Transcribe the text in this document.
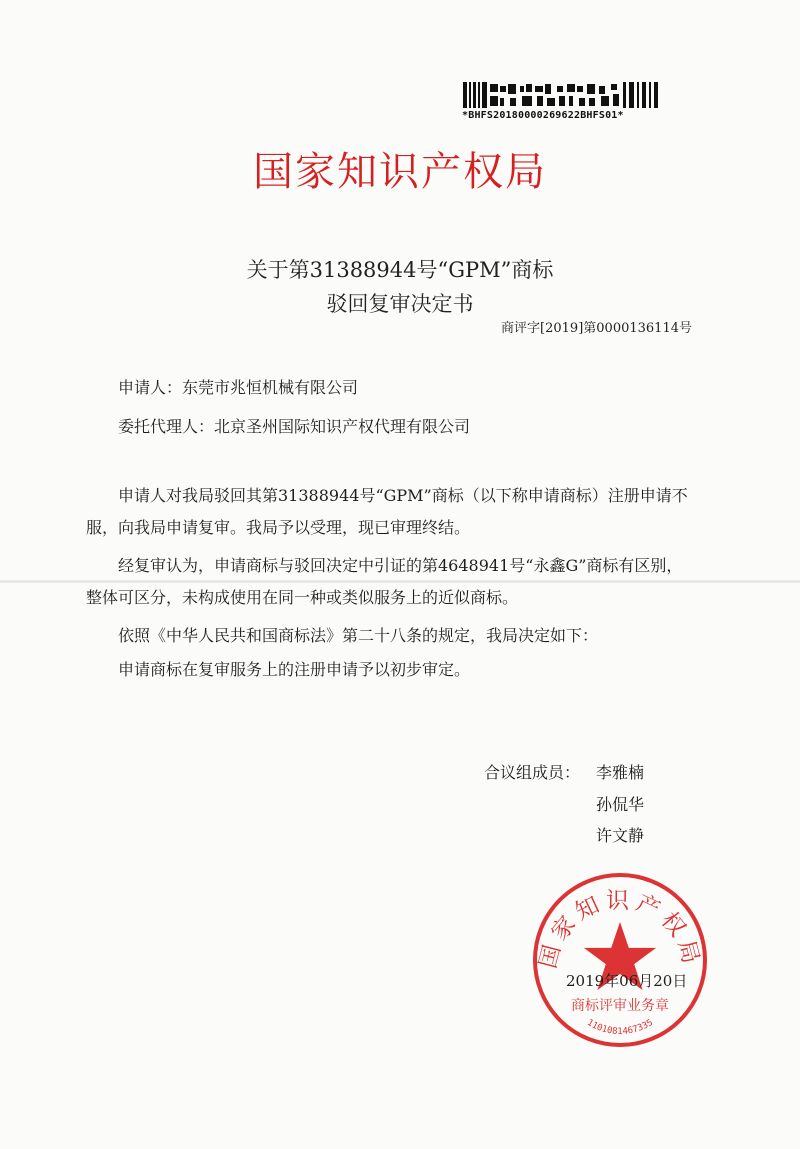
*BHFS20180000269622BHFS01*
国家知识产权局
关于第31388944号“GPM”商标
驳回复审决定书
商评字[2019]第0000136114号
申请人：东莞市兆恒机械有限公司
委托代理人：北京圣州国际知识产权代理有限公司
申请人对我局驳回其第31388944号“GPM”商标（以下称申请商标）注册申请不服，向我局申请复审。我局予以受理，现已审理终结。
经复审认为，申请商标与驳回决定中引证的第4648941号“永鑫G”商标有区别，整体可区分，未构成使用在同一种或类似服务上的近似商标。
依照《中华人民共和国商标法》第二十八条的规定，我局决定如下：
申请商标在复审服务上的注册申请予以初步审定。
合议组成员： 李雅楠
孙侃华
许文静
国家知识产权局
商标评审业务章
1101081467335
2019年06月20日
